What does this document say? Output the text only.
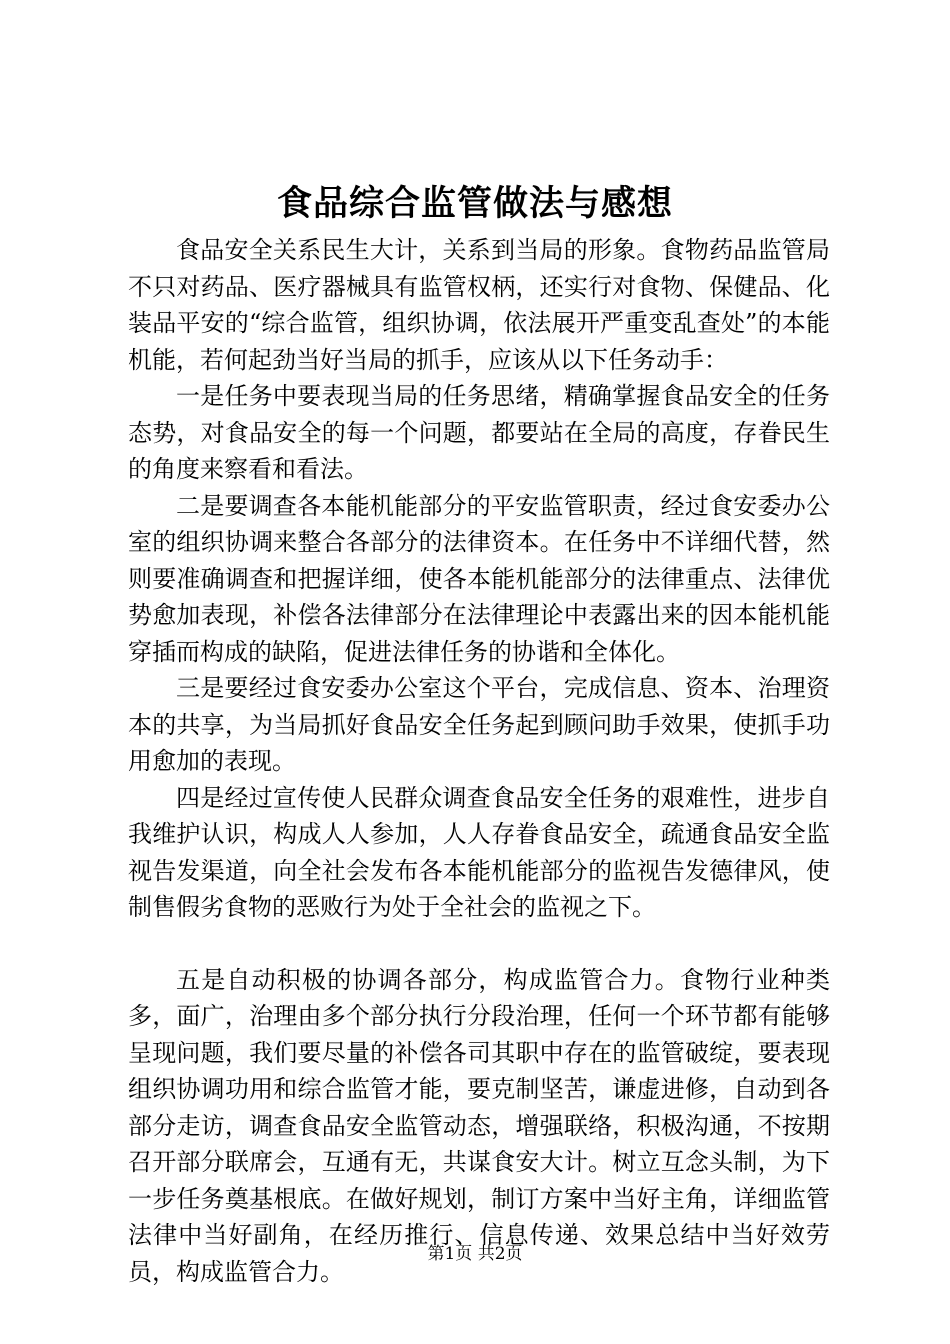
食品综合监管做法与感想

食品安全关系民生大计，关系到当局的形象。食物药品监管局不只对药品、医疗器械具有监管权柄，还实行对食物、保健品、化装品平安的“综合监管，组织协调，依法展开严重变乱查处”的本能机能，若何起劲当好当局的抓手，应该从以下任务动手：

一是任务中要表现当局的任务思绪，精确掌握食品安全的任务态势，对食品安全的每一个问题，都要站在全局的高度，存眷民生的角度来察看和看法。

二是要调查各本能机能部分的平安监管职责，经过食安委办公室的组织协调来整合各部分的法律资本。在任务中不详细代替，然则要准确调查和把握详细，使各本能机能部分的法律重点、法律优势愈加表现，补偿各法律部分在法律理论中表露出来的因本能机能穿插而构成的缺陷，促进法律任务的协谐和全体化。

三是要经过食安委办公室这个平台，完成信息、资本、治理资本的共享，为当局抓好食品安全任务起到顾问助手效果，使抓手功用愈加的表现。

四是经过宣传使人民群众调查食品安全任务的艰难性，进步自我维护认识，构成人人参加，人人存眷食品安全，疏通食品安全监视告发渠道，向全社会发布各本能机能部分的监视告发德律风，使制售假劣食物的恶败行为处于全社会的监视之下。

五是自动积极的协调各部分，构成监管合力。食物行业种类多，面广，治理由多个部分执行分段治理，任何一个环节都有能够呈现问题，我们要尽量的补偿各司其职中存在的监管破绽，要表现组织协调功用和综合监管才能，要克制坚苦，谦虚进修，自动到各部分走访，调查食品安全监管动态，增强联络，积极沟通，不按期召开部分联席会，互通有无，共谋食安大计。树立互念头制，为下一步任务奠基根底。在做好规划，制订方案中当好主角，详细监管法律中当好副角，在经历推行、信息传递、效果总结中当好效劳员，构成监管合力。

第1页 共2页
